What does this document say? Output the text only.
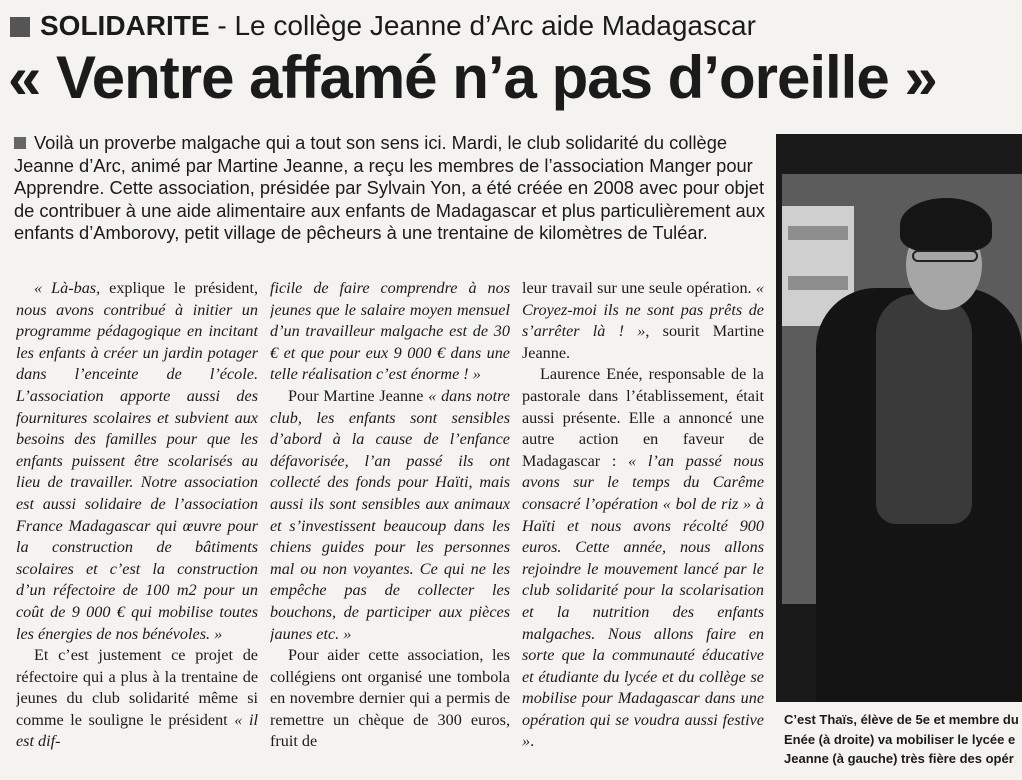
SOLIDARITE - Le collège Jeanne d’Arc aide Madagascar
« Ventre affamé n’a pas d’oreille »
Voilà un proverbe malgache qui a tout son sens ici. Mardi, le club solidarité du collège Jeanne d’Arc, animé par Martine Jeanne, a reçu les membres de l’association Manger pour Apprendre. Cette association, présidée par Sylvain Yon, a été créée en 2008 avec pour objet de contribuer à une aide alimentaire aux enfants de Madagascar et plus particulièrement aux enfants d’Amborovy, petit village de pêcheurs à une trentaine de kilomètres de Tuléar.

« Là-bas, explique le président, nous avons contribué à initier un programme pédagogique en incitant les enfants à créer un jardin potager dans l’enceinte de l’école. L’association apporte aussi des fournitures scolaires et subvient aux besoins des familles pour que les enfants puissent être scolarisés au lieu de travailler. Notre association est aussi solidaire de l’association France Madagascar qui œuvre pour la construction de bâtiments scolaires et c’est la construction d’un réfectoire de 100 m2 pour un coût de 9 000 € qui mobilise toutes les énergies de nos bénévoles. »

Et c’est justement ce projet de réfectoire qui a plus à la trentaine de jeunes du club solidarité même si comme le souligne le président « il est dif-

ficile de faire comprendre à nos jeunes que le salaire moyen mensuel d’un travailleur malgache est de 30 € et que pour eux 9 000 € dans une telle réalisation c’est énorme ! »

Pour Martine Jeanne « dans notre club, les enfants sont sensibles d’abord à la cause de l’enfance défavorisée, l’an passé ils ont collecté des fonds pour Haïti, mais aussi ils sont sensibles aux animaux et s’investissent beaucoup dans les chiens guides pour les personnes mal ou non voyantes. Ce qui ne les empêche pas de collecter les bouchons, de participer aux pièces jaunes etc. »

Pour aider cette association, les collégiens ont organisé une tombola en novembre dernier qui a permis de remettre un chèque de 300 euros, fruit de

leur travail sur une seule opération. « Croyez-moi ils ne sont pas prêts de s’arrêter là ! », sourit Martine Jeanne.

Laurence Enée, responsable de la pastorale dans l’établissement, était aussi présente. Elle a annoncé une autre action en faveur de Madagascar : « l’an passé nous avons sur le temps du Carême consacré l’opération « bol de riz » à Haïti et nous avons récolté 900 euros. Cette année, nous allons rejoindre le mouvement lancé par le club solidarité pour la scolarisation et la nutrition des enfants malgaches. Nous allons faire en sorte que la communauté éducative et étudiante du lycée et du collège se mobilise pour Madagascar dans une opération qui se voudra aussi festive ».

C’est Thaïs, élève de 5e et membre du
Enée (à droite) va mobiliser le lycée e
Jeanne (à gauche) très fière des opér
